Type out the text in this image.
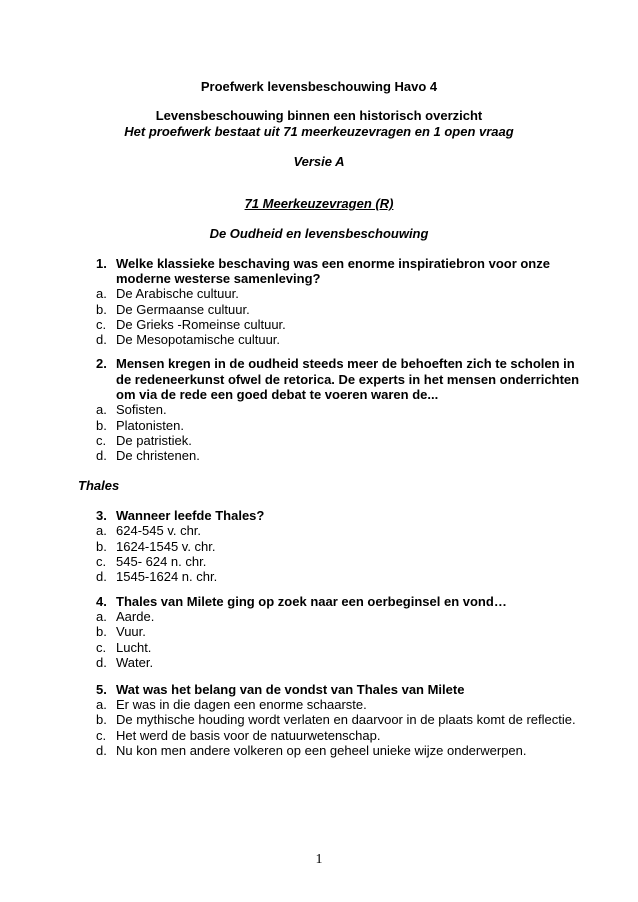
Proefwerk levensbeschouwing Havo 4
Levensbeschouwing binnen een historisch overzicht
Het proefwerk bestaat uit 71 meerkeuzevragen en 1 open vraag
Versie A
71 Meerkeuzevragen (R)
De Oudheid en levensbeschouwing
1. Welke klassieke beschaving was een enorme inspiratiebron voor onze
moderne westerse samenleving?
a. De Arabische cultuur.
b. De Germaanse cultuur.
c. De Grieks -Romeinse cultuur.
d. De Mesopotamische cultuur.
2. Mensen kregen in de oudheid steeds meer de behoeften zich te scholen in
de redeneerkunst ofwel de retorica. De experts in het mensen onderrichten
om via de rede een goed debat te voeren waren de...
a. Sofisten.
b. Platonisten.
c. De patristiek.
d. De christenen.
Thales
3. Wanneer leefde Thales?
a. 624-545 v. chr.
b. 1624-1545 v. chr.
c. 545- 624 n. chr.
d. 1545-1624 n. chr.
4. Thales van Milete ging op zoek naar een oerbeginsel en vond…
a. Aarde.
b. Vuur.
c. Lucht.
d. Water.
5. Wat was het belang van de vondst van Thales van Milete
a. Er was in die dagen een enorme schaarste.
b. De mythische houding wordt verlaten en daarvoor in de plaats komt de reflectie.
c. Het werd de basis voor de natuurwetenschap.
d. Nu kon men andere volkeren op een geheel unieke wijze onderwerpen.
1
